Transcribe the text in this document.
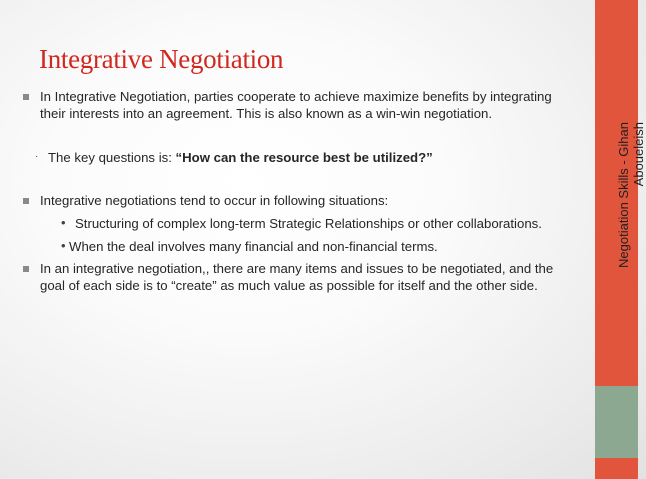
Integrative Negotiation
In Integrative Negotiation, parties cooperate to achieve maximize benefits by integrating
their interests into an agreement. This is also known as a win-win negotiation.
· The key questions is: “How can the resource best be utilized?”
Integrative negotiations tend to occur in following situations:
• Structuring of complex long-term Strategic Relationships or other collaborations.
• When the deal involves many financial and non-financial terms.
In an integrative negotiation,, there are many items and issues to be negotiated, and the
goal of each side is to “create” as much value as possible for itself and the other side.
Negotiation Skills - Gihan Aboueleish
